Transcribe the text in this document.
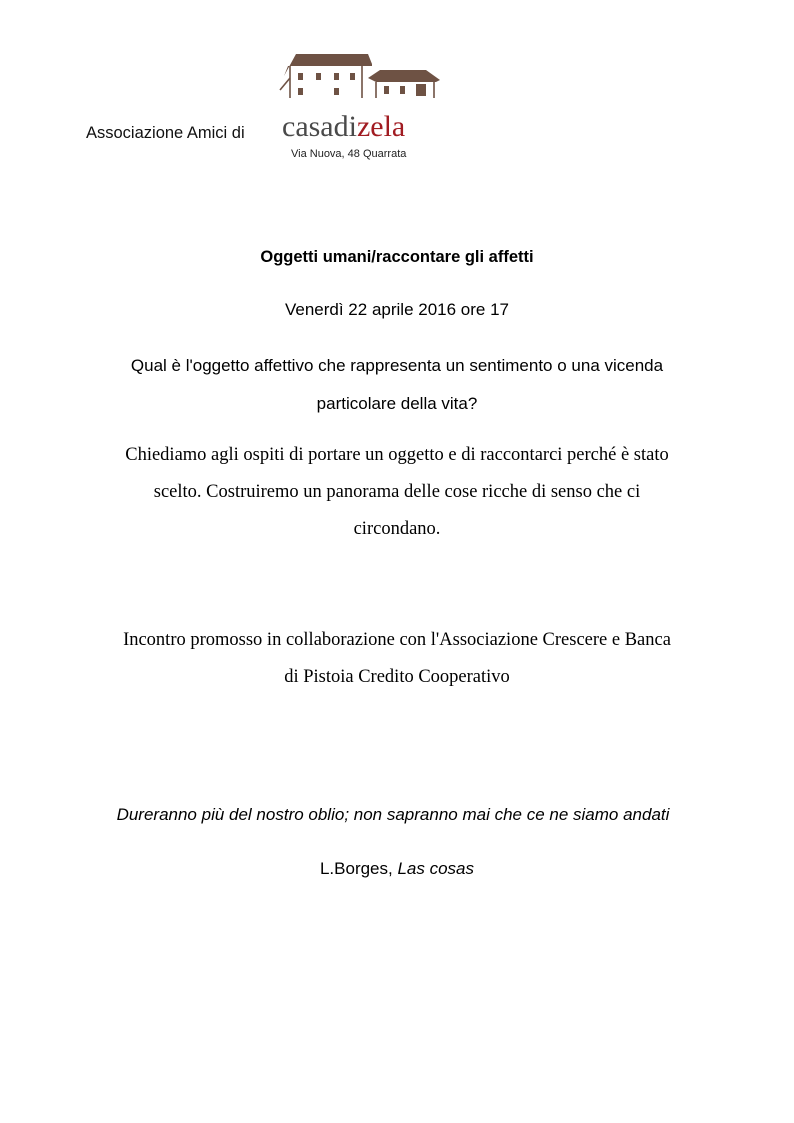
Associazione Amici di casadizela
Via Nuova, 48 Quarrata
Oggetti umani/raccontare gli affetti
Venerdì 22 aprile 2016 ore 17
Qual è l'oggetto affettivo che rappresenta un sentimento o una vicenda
particolare della vita?
Chiediamo agli ospiti di portare un oggetto e di raccontarci perché è stato
scelto. Costruiremo un panorama delle cose ricche di senso che ci
circondano.
Incontro promosso in collaborazione con l'Associazione Crescere e Banca
di Pistoia Credito Cooperativo
Dureranno più del nostro oblio; non sapranno mai che ce ne siamo andati
L.Borges, Las cosas
